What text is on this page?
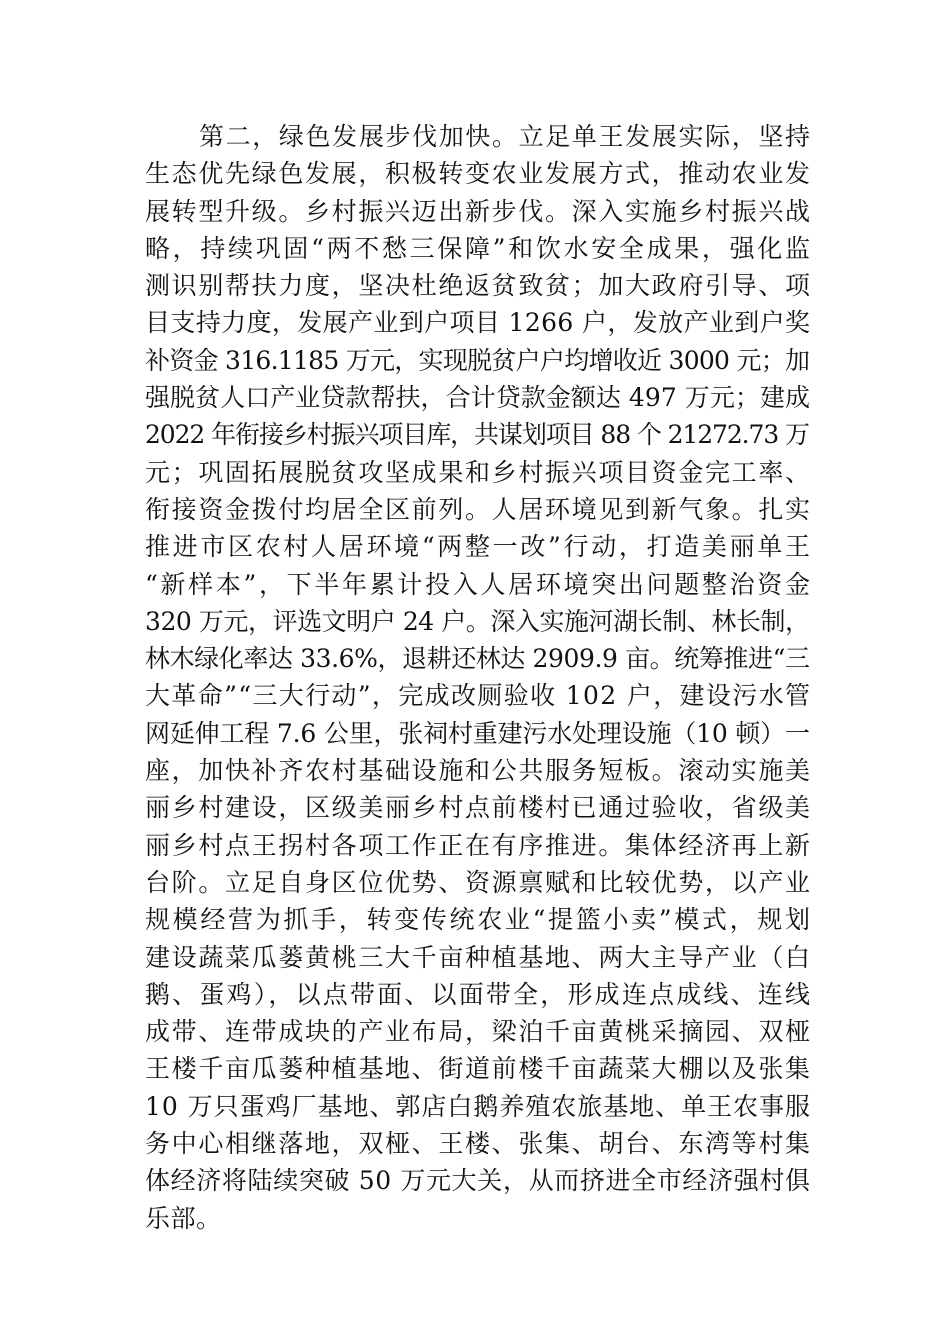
第二，绿色发展步伐加快。立足单王发展实际，坚持
生态优先绿色发展，积极转变农业发展方式，推动农业发
展转型升级。乡村振兴迈出新步伐。深入实施乡村振兴战
略，持续巩固“两不愁三保障”和饮水安全成果，强化监
测识别帮扶力度，坚决杜绝返贫致贫；加大政府引导、项
目支持力度，发展产业到户项目 1266 户，发放产业到户奖
补资金 316.1185 万元，实现脱贫户户均增收近 3000 元；加
强脱贫人口产业贷款帮扶，合计贷款金额达 497 万元；建成
2022 年衔接乡村振兴项目库，共谋划项目 88 个 21272.73 万
元；巩固拓展脱贫攻坚成果和乡村振兴项目资金完工率、
衔接资金拨付均居全区前列。人居环境见到新气象。扎实
推进市区农村人居环境“两整一改”行动，打造美丽单王
“新样本”，下半年累计投入人居环境突出问题整治资金
320 万元，评选文明户 24 户。深入实施河湖长制、林长制，
林木绿化率达 33.6%，退耕还林达 2909.9 亩。统筹推进“三
大革命”“三大行动”，完成改厕验收 102 户，建设污水管
网延伸工程 7.6 公里，张祠村重建污水处理设施（10 顿）一
座，加快补齐农村基础设施和公共服务短板。滚动实施美
丽乡村建设，区级美丽乡村点前楼村已通过验收，省级美
丽乡村点王拐村各项工作正在有序推进。集体经济再上新
台阶。立足自身区位优势、资源禀赋和比较优势，以产业
规模经营为抓手，转变传统农业“提篮小卖”模式，规划
建设蔬菜瓜蒌黄桃三大千亩种植基地、两大主导产业（白
鹅、蛋鸡），以点带面、以面带全，形成连点成线、连线
成带、连带成块的产业布局，梁泊千亩黄桃采摘园、双桠
王楼千亩瓜蒌种植基地、街道前楼千亩蔬菜大棚以及张集
10 万只蛋鸡厂基地、郭店白鹅养殖农旅基地、单王农事服
务中心相继落地，双桠、王楼、张集、胡台、东湾等村集
体经济将陆续突破 50 万元大关，从而挤进全市经济强村俱
乐部。
